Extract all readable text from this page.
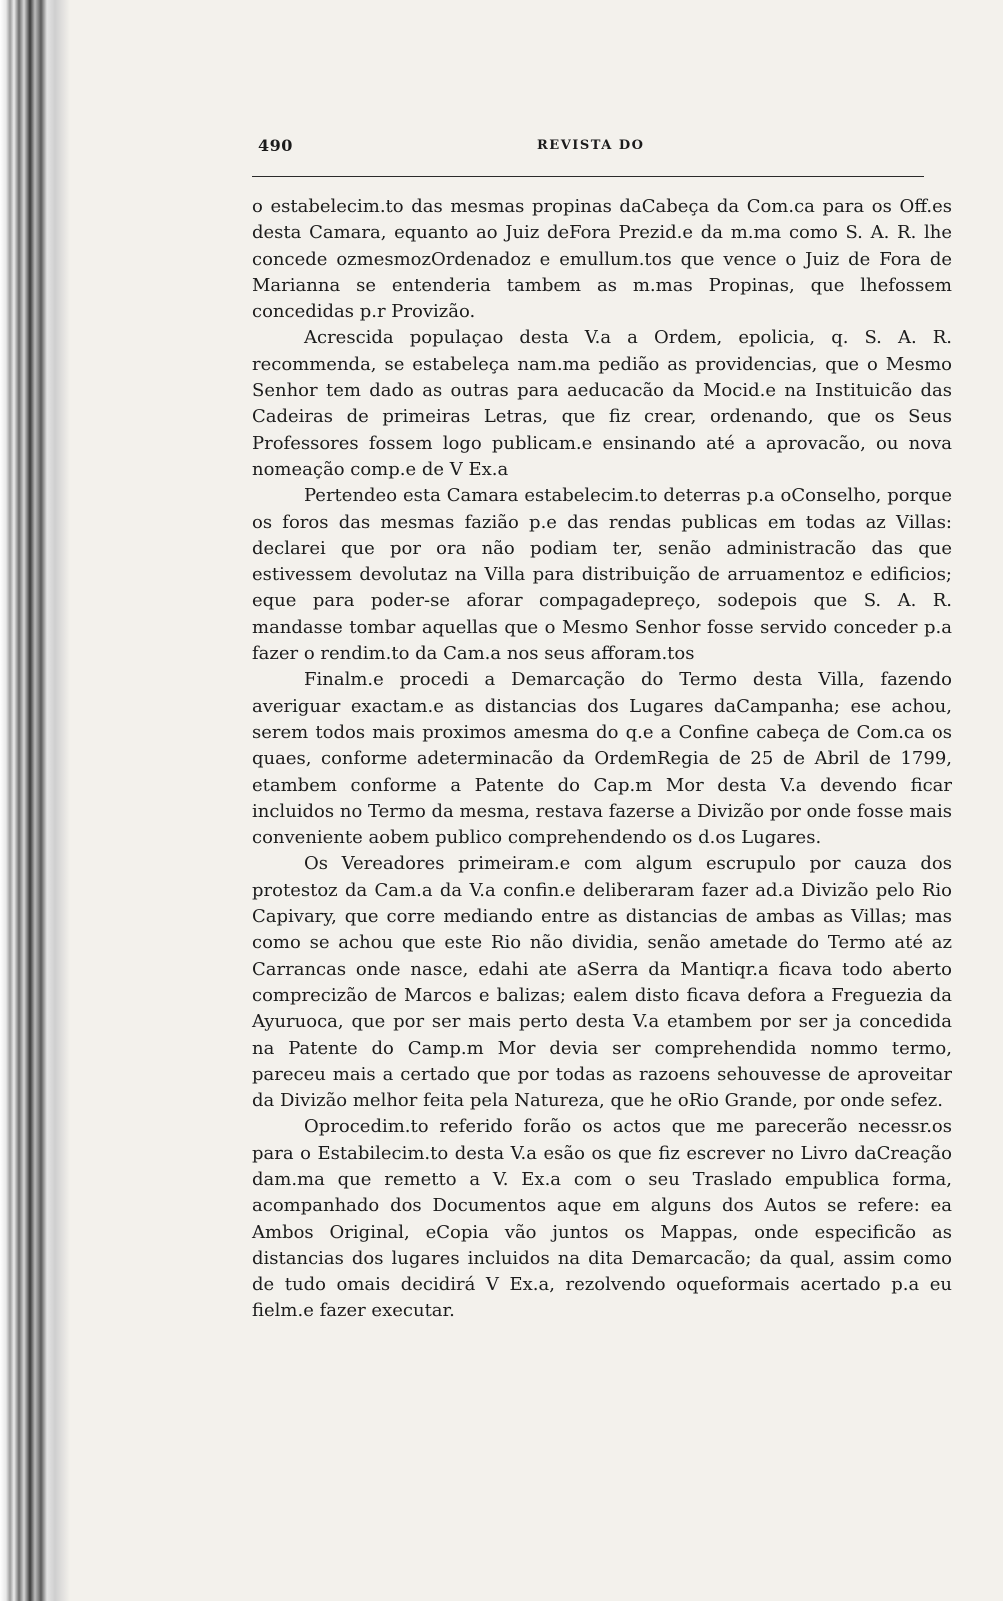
490	REVISTA DO

o estabelecim.to das mesmas propinas daCabeça da Com.ca para os Off.es desta Camara, equanto ao Juiz deFora Prezid.e da m.ma como S. A. R. lhe concede ozmesmozOrdenadoz e emullum.tos que vence o Juiz de Fora de Marianna se entenderia tambem as m.mas Propinas, que lhefossem concedidas p.r Provizão.

Acrescida populaçao desta V.a a Ordem, epolicia, q. S. A. R. recommenda, se estabeleça nam.ma pedião as providencias, que o Mesmo Senhor tem dado as outras para aeducacão da Mocid.e na Instituicão das Cadeiras de primeiras Letras, que fiz crear, ordenando, que os Seus Professores fossem logo publicam.e ensinando até a aprovacão, ou nova nomeação comp.e de V Ex.a

Pertendeo esta Camara estabelecim.to deterras p.a oConselho, porque os foros das mesmas fazião p.e das rendas publicas em todas az Villas: declarei que por ora não podiam ter, senão administracão das que estivessem devolutaz na Villa para distribuição de arruamentoz e edificios; eque para poder-se aforar compagadepreço, sodepois que S. A. R. mandasse tombar aquellas que o Mesmo Senhor fosse servido conceder p.a fazer o rendim.to da Cam.a nos seus afforam.tos

Finalm.e procedi a Demarcação do Termo desta Villa, fazendo averiguar exactam.e as distancias dos Lugares daCampanha; ese achou, serem todos mais proximos amesma do q.e a Confine cabeça de Com.ca os quaes, conforme adeterminacão da OrdemRegia de 25 de Abril de 1799, etambem conforme a Patente do Cap.m Mor desta V.a devendo ficar incluidos no Termo da mesma, restava fazerse a Divizão por onde fosse mais conveniente aobem publico comprehendendo os d.os Lugares.

Os Vereadores primeiram.e com algum escrupulo por cauza dos protestoz da Cam.a da V.a confin.e deliberaram fazer ad.a Divizão pelo Rio Capivary, que corre mediando entre as distancias de ambas as Villas; mas como se achou que este Rio não dividia, senão ametade do Termo até az Carrancas onde nasce, edahi ate aSerra da Mantiqr.a ficava todo aberto comprecizão de Marcos e balizas; ealem disto ficava defora a Freguezia da Ayuruoca, que por ser mais perto desta V.a etambem por ser ja concedida na Patente do Camp.m Mor devia ser comprehendida nommo termo, pareceu mais a certado que por todas as razoens sehouvesse de aproveitar da Divizão melhor feita pela Natureza, que he oRio Grande, por onde sefez.

Oprocedim.to referido forão os actos que me parecerão necessr.os para o Estabilecim.to desta V.a esão os que fiz escrever no Livro daCreação dam.ma que remetto a V. Ex.a com o seu Traslado empublica forma, acompanhado dos Documentos aque em alguns dos Autos se refere: ea Ambos Original, eCopia vão juntos os Mappas, onde especificão as distancias dos lugares incluidos na dita Demarcacão; da qual, assim como de tudo omais decidirá V Ex.a, rezolvendo oqueformais acertado p.a eu fielm.e fazer executar.
